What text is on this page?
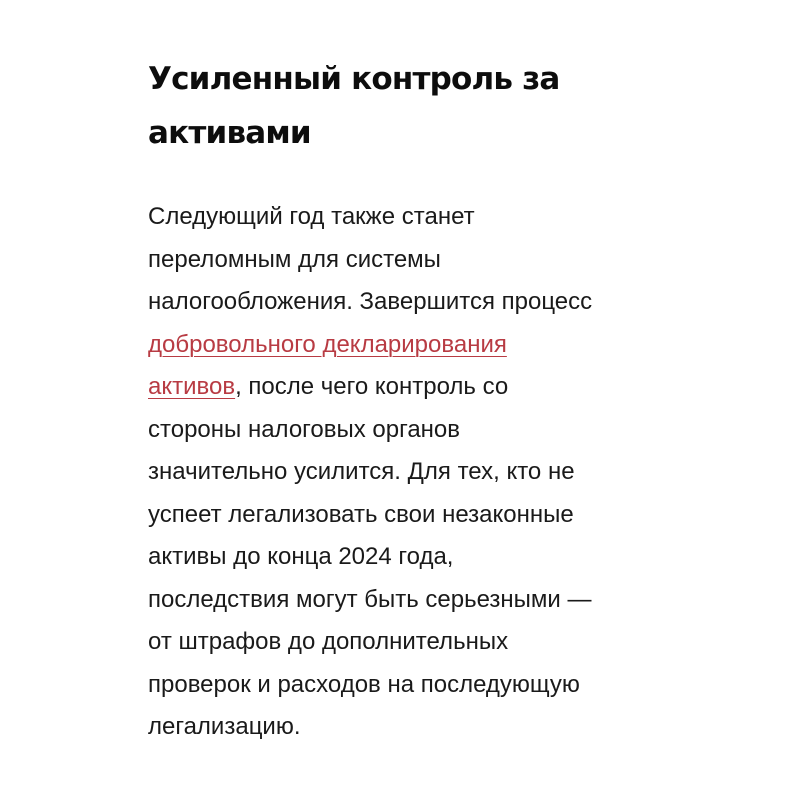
Усиленный контроль за
активами

Следующий год также станет
переломным для системы
налогообложения. Завершится процесс
добровольного декларирования
активов, после чего контроль со
стороны налоговых органов
значительно усилится. Для тех, кто не
успеет легализовать свои незаконные
активы до конца 2024 года,
последствия могут быть серьезными —
от штрафов до дополнительных
проверок и расходов на последующую
легализацию.
